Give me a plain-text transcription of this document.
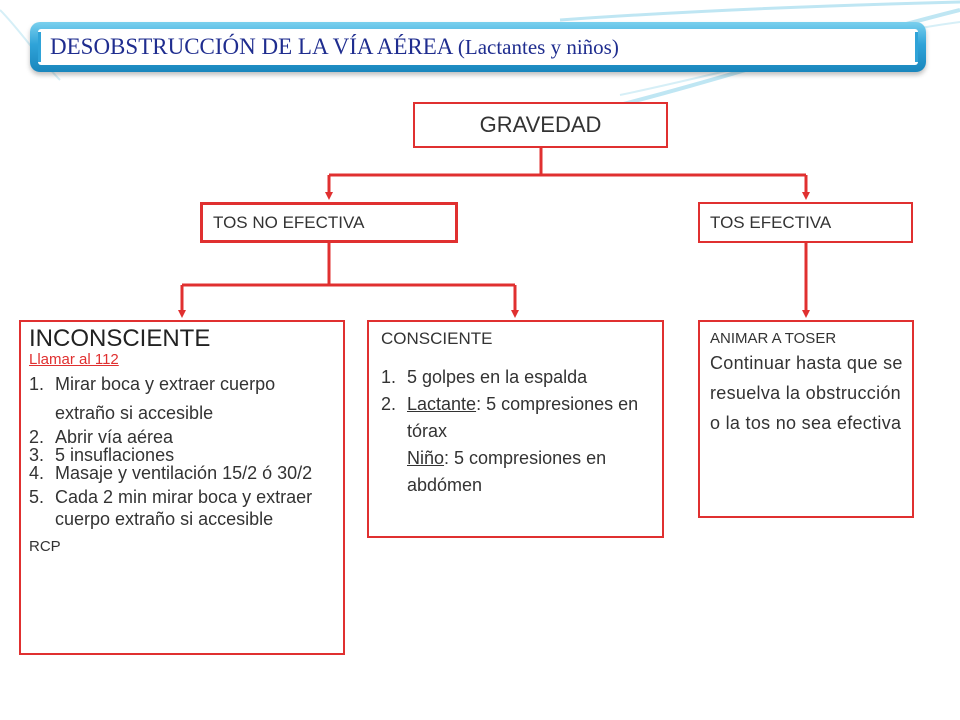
DESOBSTRUCCIÓN DE LA VÍA AÉREA (Lactantes y niños)
GRAVEDAD
TOS NO EFECTIVA	TOS EFECTIVA
INCONSCIENTE
Llamar al 112
1. Mirar boca y extraer cuerpo extraño si accesible
2. Abrir vía aérea
3. 5 insuflaciones
4. Masaje y ventilación 15/2 ó 30/2
5. Cada 2 min mirar boca y extraer cuerpo extraño si accesible
RCP
CONSCIENTE
1. 5 golpes en la espalda
2. Lactante: 5 compresiones en tórax
Niño: 5 compresiones en abdómen
ANIMAR A TOSER
Continuar hasta que se resuelva la obstrucción o la tos no sea efectiva
